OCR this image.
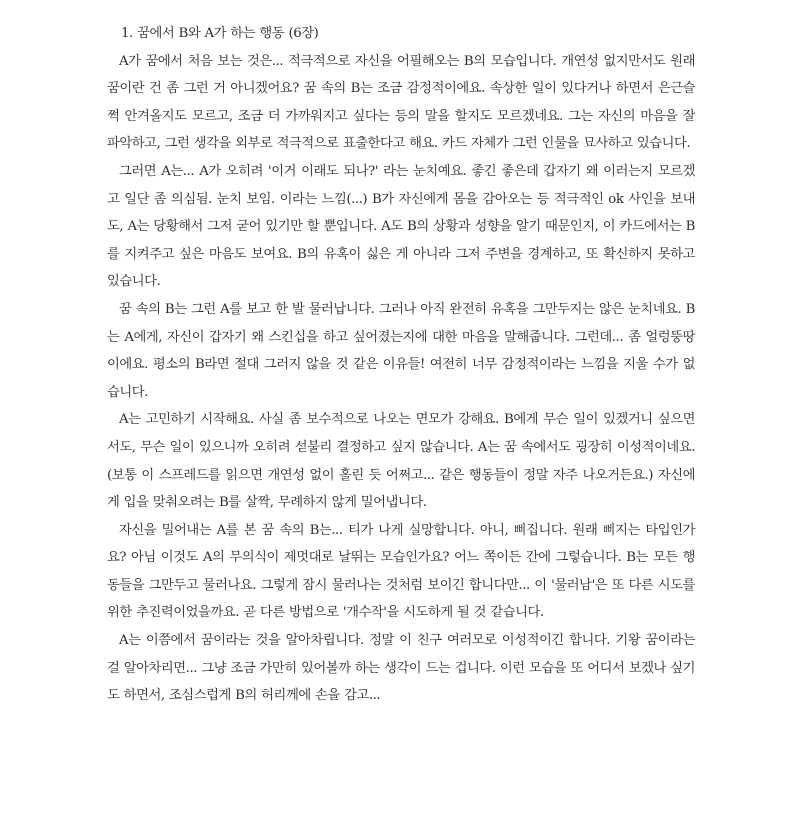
1. 꿈에서 B와 A가 하는 행동 (6장)

A가 꿈에서 처음 보는 것은... 적극적으로 자신을 어필해오는 B의 모습입니다. 개연성 없지만서도 원래 꿈이란 건 좀 그런 거 아니겠어요? 꿈 속의 B는 조금 감정적이에요. 속상한 일이 있다거나 하면서 은근슬쩍 안겨올지도 모르고, 조금 더 가까워지고 싶다는 등의 말을 할지도 모르겠네요. 그는 자신의 마음을 잘 파악하고, 그런 생각을 외부로 적극적으로 표출한다고 해요. 카드 자체가 그런 인물을 묘사하고 있습니다.

그러면 A는... A가 오히려 '이거 이래도 되나?' 라는 눈치예요. 좋긴 좋은데 갑자기 왜 이러는지 모르겠고 일단 좀 의심됨. 눈치 보임. 이라는 느낌(...) B가 자신에게 몸을 감아오는 등 적극적인 ok 사인을 보내도, A는 당황해서 그저 굳어 있기만 할 뿐입니다. A도 B의 상황과 성향을 알기 때문인지, 이 카드에서는 B를 지켜주고 싶은 마음도 보여요. B의 유혹이 싫은 게 아니라 그저 주변을 경계하고, 또 확신하지 못하고 있습니다.

꿈 속의 B는 그런 A를 보고 한 발 물러납니다. 그러나 아직 완전히 유혹을 그만두지는 않은 눈치네요. B는 A에게, 자신이 갑자기 왜 스킨십을 하고 싶어졌는지에 대한 마음을 말해줍니다. 그런데... 좀 얼렁뚱땅이에요. 평소의 B라면 절대 그러지 않을 것 같은 이유들! 여전히 너무 감정적이라는 느낌을 지울 수가 없습니다.

A는 고민하기 시작해요. 사실 좀 보수적으로 나오는 면모가 강해요. B에게 무슨 일이 있겠거니 싶으면서도, 무슨 일이 있으니까 오히려 섣불리 결정하고 싶지 않습니다. A는 꿈 속에서도 굉장히 이성적이네요. (보통 이 스프레드를 읽으면 개연성 없이 홀린 듯 어쩌고... 같은 행동들이 정말 자주 나오거든요.) 자신에게 입을 맞춰오려는 B를 살짝, 무례하지 않게 밀어냅니다.

자신을 밀어내는 A를 본 꿈 속의 B는... 티가 나게 실망합니다. 아니, 삐집니다. 원래 삐지는 타입인가요? 아님 이것도 A의 무의식이 제멋대로 날뛰는 모습인가요? 어느 쪽이든 간에 그렇습니다. B는 모든 행동들을 그만두고 물러나요. 그렇게 잠시 물러나는 것처럼 보이긴 합니다만... 이 '물러남'은 또 다른 시도를 위한 추진력이었을까요. 곧 다른 방법으로 '개수작'을 시도하게 될 것 같습니다.

A는 이쯤에서 꿈이라는 것을 알아차립니다. 정말 이 친구 여러모로 이성적이긴 합니다. 기왕 꿈이라는 걸 알아차리면... 그냥 조금 가만히 있어볼까 하는 생각이 드는 겁니다. 이런 모습을 또 어디서 보겠나 싶기도 하면서, 조심스럽게 B의 허리께에 손을 감고...
